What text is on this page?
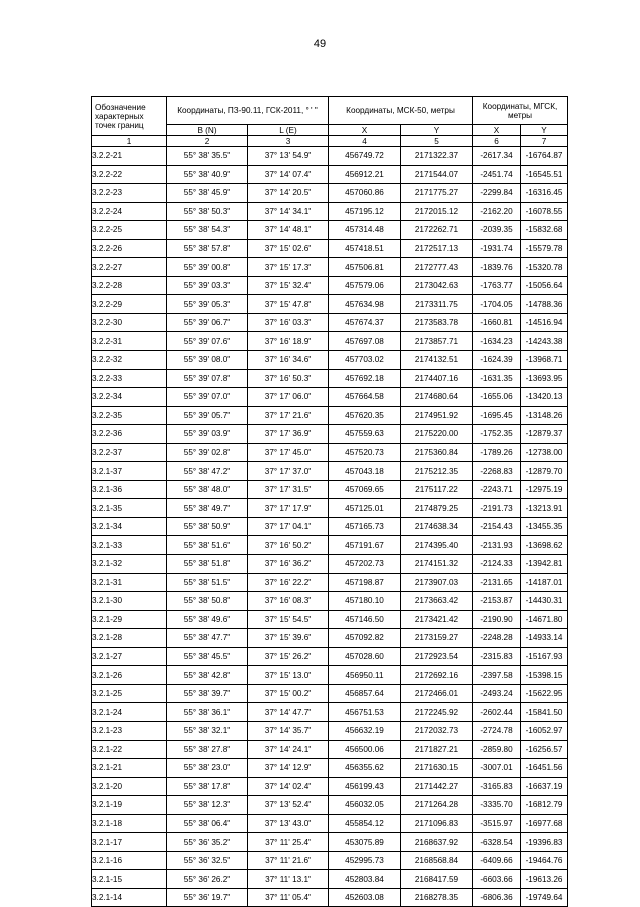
49
Обозначение характерных точек границ	Координаты, ПЗ-90.11, ГСК-2011, ° ' "		Координаты, МСК-50, метры		Координаты, МГСК, метры	
	B (N)	L (E)	X	Y	X	Y
1	2	3	4	5	6	7
3.2.2-21	55° 38' 35.5"	37° 13' 54.9"	456749.72	2171322.37	-2617.34	-16764.87
3.2.2-22	55° 38' 40.9"	37° 14' 07.4"	456912.21	2171544.07	-2451.74	-16545.51
3.2.2-23	55° 38' 45.9"	37° 14' 20.5"	457060.86	2171775.27	-2299.84	-16316.45
3.2.2-24	55° 38' 50.3"	37° 14' 34.1"	457195.12	2172015.12	-2162.20	-16078.55
3.2.2-25	55° 38' 54.3"	37° 14' 48.1"	457314.48	2172262.71	-2039.35	-15832.68
3.2.2-26	55° 38' 57.8"	37° 15' 02.6"	457418.51	2172517.13	-1931.74	-15579.78
3.2.2-27	55° 39' 00.8"	37° 15' 17.3"	457506.81	2172777.43	-1839.76	-15320.78
3.2.2-28	55° 39' 03.3"	37° 15' 32.4"	457579.06	2173042.63	-1763.77	-15056.64
3.2.2-29	55° 39' 05.3"	37° 15' 47.8"	457634.98	2173311.75	-1704.05	-14788.36
3.2.2-30	55° 39' 06.7"	37° 16' 03.3"	457674.37	2173583.78	-1660.81	-14516.94
3.2.2-31	55° 39' 07.6"	37° 16' 18.9"	457697.08	2173857.71	-1634.23	-14243.38
3.2.2-32	55° 39' 08.0"	37° 16' 34.6"	457703.02	2174132.51	-1624.39	-13968.71
3.2.2-33	55° 39' 07.8"	37° 16' 50.3"	457692.18	2174407.16	-1631.35	-13693.95
3.2.2-34	55° 39' 07.0"	37° 17' 06.0"	457664.58	2174680.64	-1655.06	-13420.13
3.2.2-35	55° 39' 05.7"	37° 17' 21.6"	457620.35	2174951.92	-1695.45	-13148.26
3.2.2-36	55° 39' 03.9"	37° 17' 36.9"	457559.63	2175220.00	-1752.35	-12879.37
3.2.2-37	55° 39' 02.8"	37° 17' 45.0"	457520.73	2175360.84	-1789.26	-12738.00
3.2.1-37	55° 38' 47.2"	37° 17' 37.0"	457043.18	2175212.35	-2268.83	-12879.70
3.2.1-36	55° 38' 48.0"	37° 17' 31.5"	457069.65	2175117.22	-2243.71	-12975.19
3.2.1-35	55° 38' 49.7"	37° 17' 17.9"	457125.01	2174879.25	-2191.73	-13213.91
3.2.1-34	55° 38' 50.9"	37° 17' 04.1"	457165.73	2174638.34	-2154.43	-13455.35
3.2.1-33	55° 38' 51.6"	37° 16' 50.2"	457191.67	2174395.40	-2131.93	-13698.62
3.2.1-32	55° 38' 51.8"	37° 16' 36.2"	457202.73	2174151.32	-2124.33	-13942.81
3.2.1-31	55° 38' 51.5"	37° 16' 22.2"	457198.87	2173907.03	-2131.65	-14187.01
3.2.1-30	55° 38' 50.8"	37° 16' 08.3"	457180.10	2173663.42	-2153.87	-14430.31
3.2.1-29	55° 38' 49.6"	37° 15' 54.5"	457146.50	2173421.42	-2190.90	-14671.80
3.2.1-28	55° 38' 47.7"	37° 15' 39.6"	457092.82	2173159.27	-2248.28	-14933.14
3.2.1-27	55° 38' 45.5"	37° 15' 26.2"	457028.60	2172923.54	-2315.83	-15167.93
3.2.1-26	55° 38' 42.8"	37° 15' 13.0"	456950.11	2172692.16	-2397.58	-15398.15
3.2.1-25	55° 38' 39.7"	37° 15' 00.2"	456857.64	2172466.01	-2493.24	-15622.95
3.2.1-24	55° 38' 36.1"	37° 14' 47.7"	456751.53	2172245.92	-2602.44	-15841.50
3.2.1-23	55° 38' 32.1"	37° 14' 35.7"	456632.19	2172032.73	-2724.78	-16052.97
3.2.1-22	55° 38' 27.8"	37° 14' 24.1"	456500.06	2171827.21	-2859.80	-16256.57
3.2.1-21	55° 38' 23.0"	37° 14' 12.9"	456355.62	2171630.15	-3007.01	-16451.56
3.2.1-20	55° 38' 17.8"	37° 14' 02.4"	456199.43	2171442.27	-3165.83	-16637.19
3.2.1-19	55° 38' 12.3"	37° 13' 52.4"	456032.05	2171264.28	-3335.70	-16812.79
3.2.1-18	55° 38' 06.4"	37° 13' 43.0"	455854.12	2171096.83	-3515.97	-16977.68
3.2.1-17	55° 36' 35.2"	37° 11' 25.4"	453075.89	2168637.92	-6328.54	-19396.83
3.2.1-16	55° 36' 32.5"	37° 11' 21.6"	452995.73	2168568.84	-6409.66	-19464.76
3.2.1-15	55° 36' 26.2"	37° 11' 13.1"	452803.84	2168417.59	-6603.66	-19613.26
3.2.1-14	55° 36' 19.7"	37° 11' 05.4"	452603.08	2168278.35	-6806.36	-19749.64
